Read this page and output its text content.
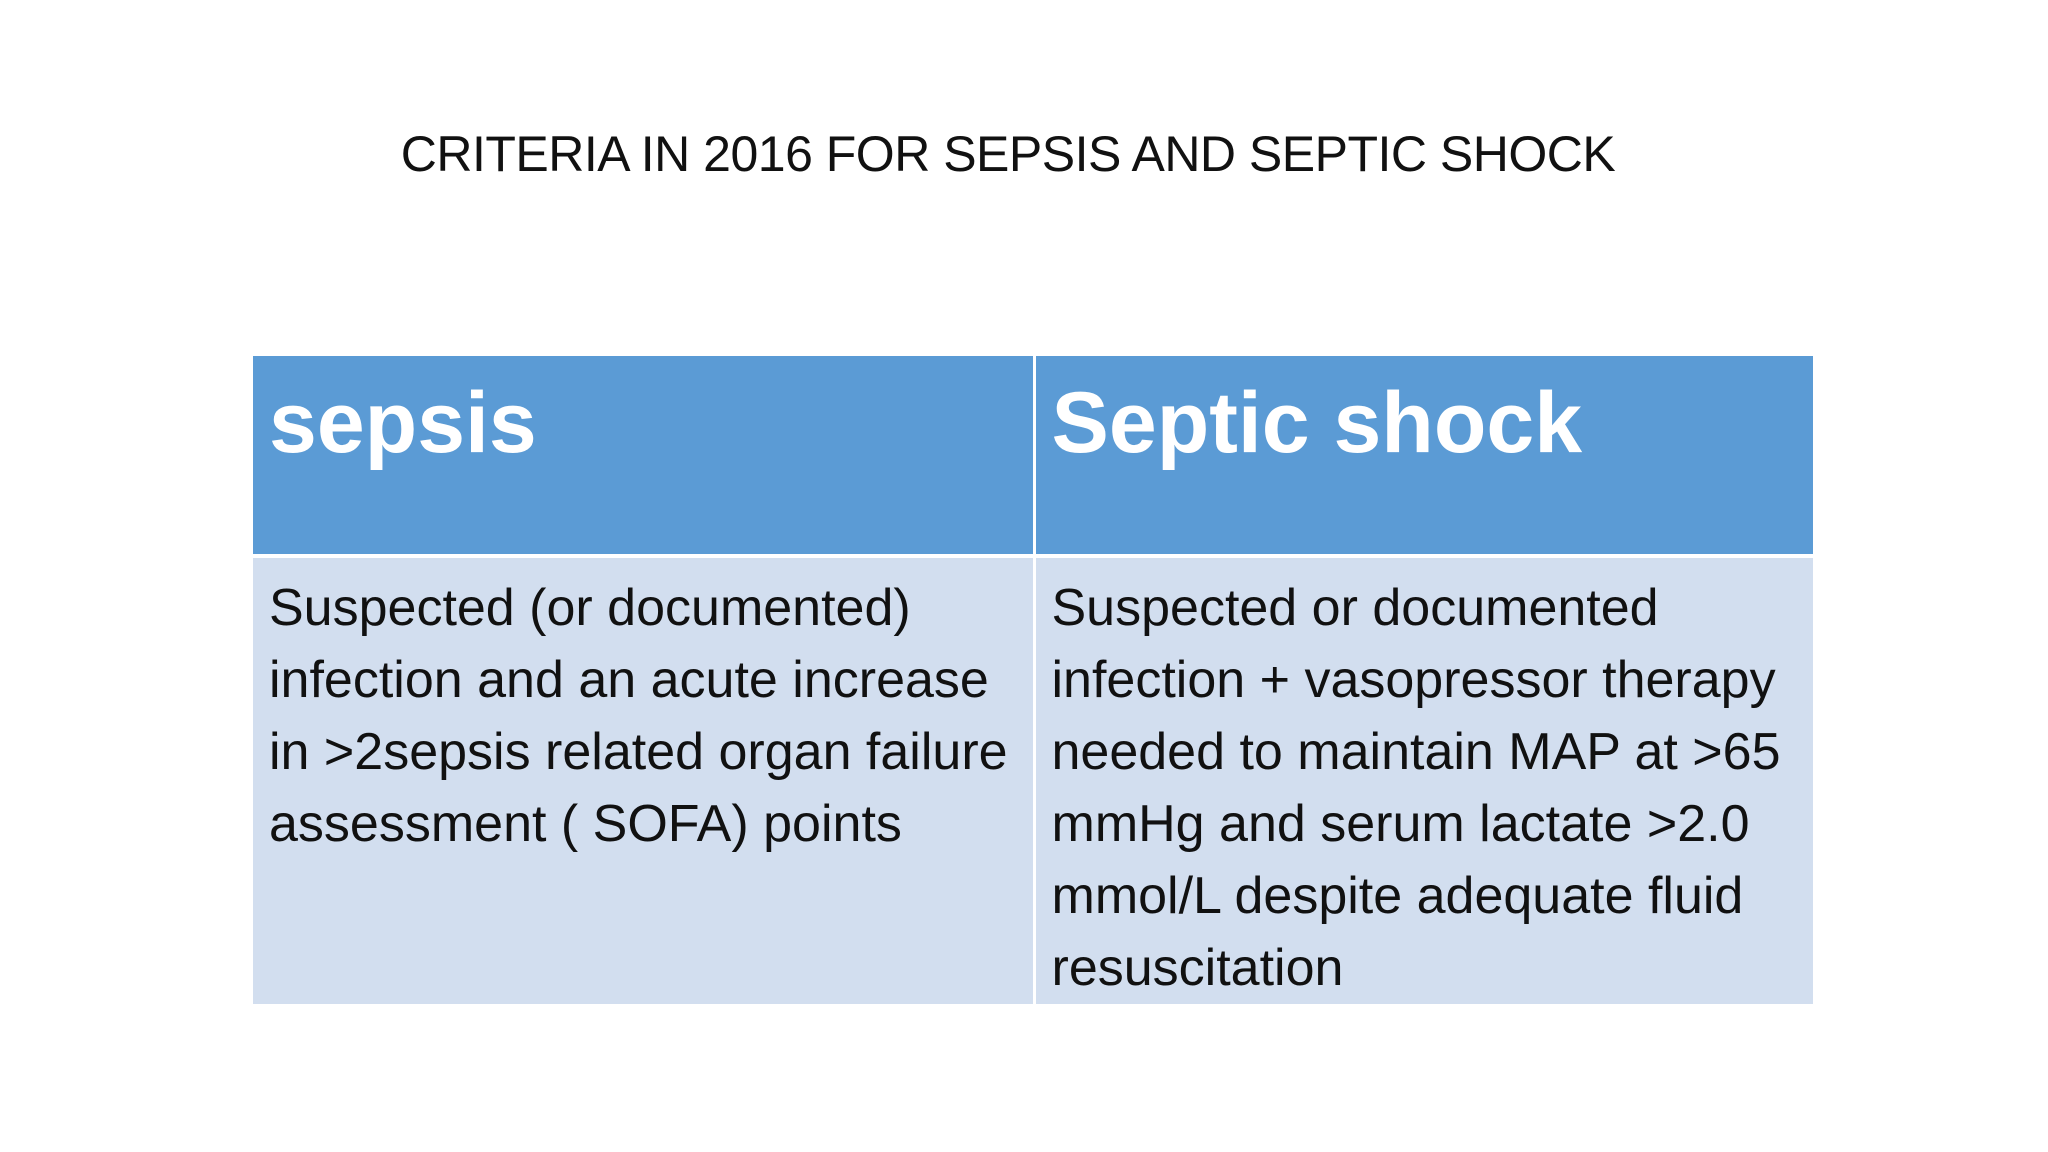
CRITERIA IN 2016 FOR SEPSIS AND SEPTIC SHOCK
sepsis	Septic shock
Suspected (or documented) infection and an acute increase in >2sepsis related organ failure assessment ( SOFA) points	Suspected or documented infection + vasopressor therapy needed to maintain MAP at >65 mmHg and serum lactate >2.0 mmol/L despite adequate fluid resuscitation
